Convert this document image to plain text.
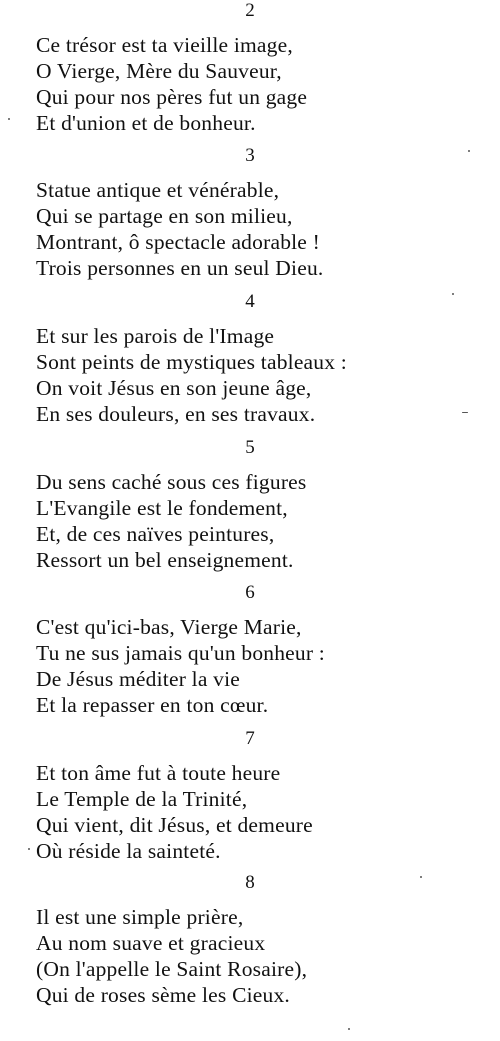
2
Ce trésor est ta vieille image,
O Vierge, Mère du Sauveur,
Qui pour nos pères fut un gage
Et d'union et de bonheur.
3
Statue antique et vénérable,
Qui se partage en son milieu,
Montrant, ô spectacle adorable !
Trois personnes en un seul Dieu.
4
Et sur les parois de l'Image
Sont peints de mystiques tableaux :
On voit Jésus en son jeune âge,
En ses douleurs, en ses travaux.
5
Du sens caché sous ces figures
L'Evangile est le fondement,
Et, de ces naïves peintures,
Ressort un bel enseignement.
6
C'est qu'ici-bas, Vierge Marie,
Tu ne sus jamais qu'un bonheur :
De Jésus méditer la vie
Et la repasser en ton cœur.
7
Et ton âme fut à toute heure
Le Temple de la Trinité,
Qui vient, dit Jésus, et demeure
Où réside la sainteté.
8
Il est une simple prière,
Au nom suave et gracieux
(On l'appelle le Saint Rosaire),
Qui de roses sème les Cieux.
